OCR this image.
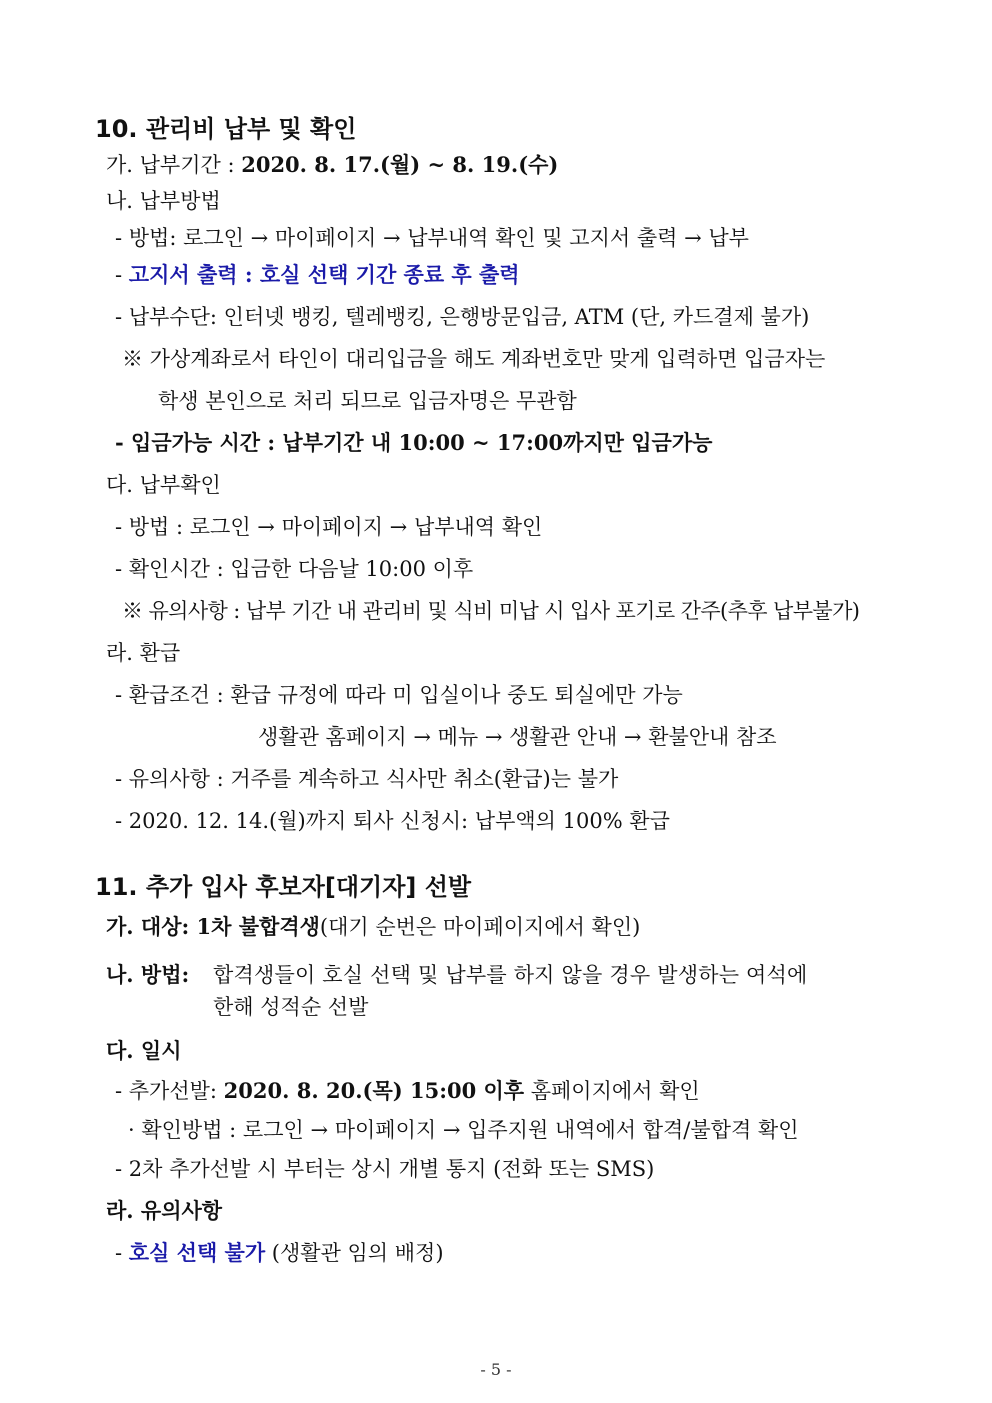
10. 관리비 납부 및 확인
가. 납부기간 : 2020. 8. 17.(월) ~ 8. 19.(수)
나. 납부방법
- 방법: 로그인 → 마이페이지 → 납부내역 확인 및 고지서 출력 → 납부
- 고지서 출력 : 호실 선택 기간 종료 후 출력
- 납부수단: 인터넷 뱅킹, 텔레뱅킹, 은행방문입금, ATM (단, 카드결제 불가)
※ 가상계좌로서 타인이 대리입금을 해도 계좌번호만 맞게 입력하면 입금자는
학생 본인으로 처리 되므로 입금자명은 무관함
- 입금가능 시간 : 납부기간 내 10:00 ~ 17:00까지만 입금가능
다. 납부확인
- 방법 : 로그인 → 마이페이지 → 납부내역 확인
- 확인시간 : 입금한 다음날 10:00 이후
※ 유의사항 : 납부 기간 내 관리비 및 식비 미납 시 입사 포기로 간주(추후 납부불가)
라. 환급
- 환급조건 : 환급 규정에 따라 미 입실이나 중도 퇴실에만 가능
생활관 홈페이지 → 메뉴 → 생활관 안내 → 환불안내 참조
- 유의사항 : 거주를 계속하고 식사만 취소(환급)는 불가
- 2020. 12. 14.(월)까지 퇴사 신청시: 납부액의 100% 환급
11. 추가 입사 후보자[대기자] 선발
가. 대상: 1차 불합격생(대기 순번은 마이페이지에서 확인)
나. 방법: 합격생들이 호실 선택 및 납부를 하지 않을 경우 발생하는 여석에
한해 성적순 선발
다. 일시
- 추가선발: 2020. 8. 20.(목) 15:00 이후 홈페이지에서 확인
· 확인방법 : 로그인 → 마이페이지 → 입주지원 내역에서 합격/불합격 확인
- 2차 추가선발 시 부터는 상시 개별 통지 (전화 또는 SMS)
라. 유의사항
- 호실 선택 불가 (생활관 임의 배정)
- 5 -
